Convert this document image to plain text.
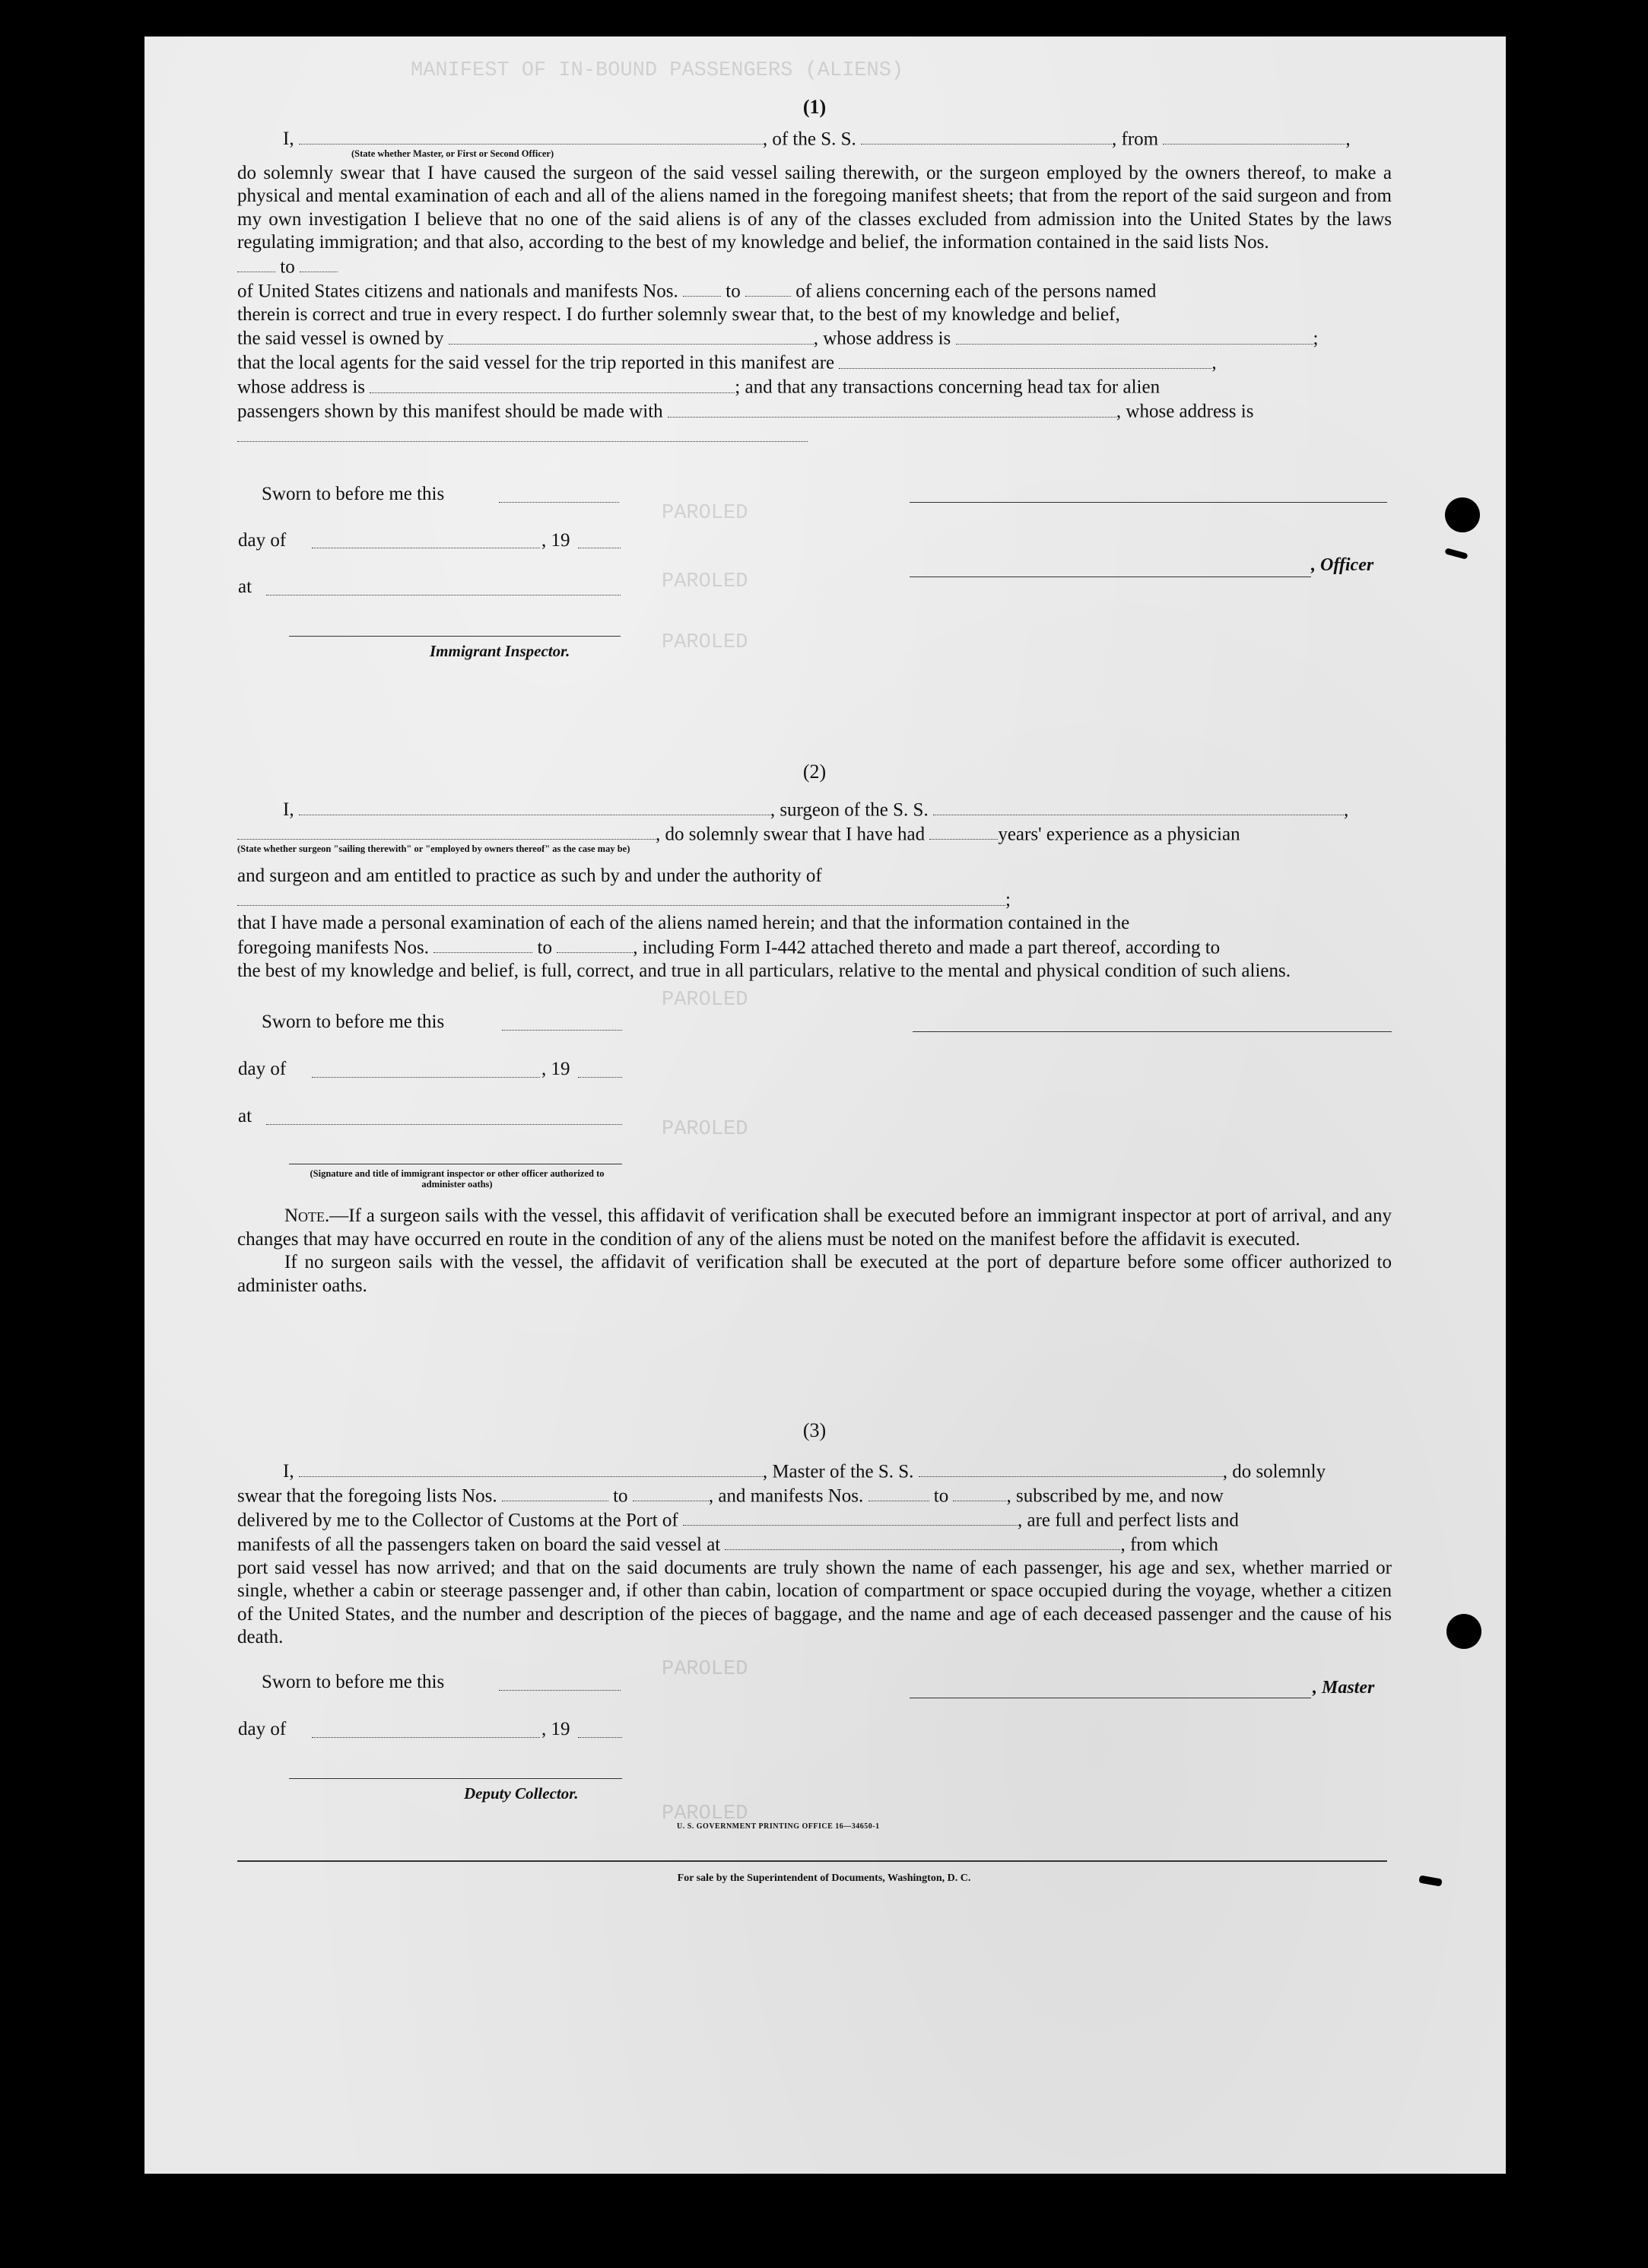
MANIFEST OF IN-BOUND PASSENGERS (ALIENS)
PAROLED
PAROLED
PAROLED
PAROLED
PAROLED
PAROLED
PAROLED
(1)

I,	, of the S. S.	, from	,

(State whether Master, or First or Second Officer)

do solemnly swear that I have caused the surgeon of the said vessel sailing therewith, or the surgeon employed by the owners thereof, to make a physical and mental examination of each and all of the aliens named in the foregoing manifest sheets; that from the report of the said surgeon and from my own investigation I believe that no one of the said aliens is of any of the classes excluded from admission into the United States by the laws regulating immigration; and that also, according to the best of my knowledge and belief, the information contained in the said lists Nos.

to

of United States citizens and nationals and manifests Nos.	to	of aliens concerning each of the persons named

therein is correct and true in every respect. I do further solemnly swear that, to the best of my knowledge and belief,

the said vessel is owned by	, whose address is	;

that the local agents for the said vessel for the trip reported in this manifest are	,

whose address is	; and that any transactions concerning head tax for alien

passengers shown by this manifest should be made with	, whose address is

Sworn to before me this
day of	, 19
at
Immigrant Inspector.
, Officer
(2)

I,	, surgeon of the S. S.	,

, do solemnly swear that I have had	years' experience as a physician

(State whether surgeon "sailing therewith" or "employed by owners thereof" as the case may be)

and surgeon and am entitled to practice as such by and under the authority of ;

that I have made a personal examination of each of the aliens named herein; and that the information contained in the

foregoing manifests Nos.	to	, including Form I-442 attached thereto and made a part thereof, according to

the best of my knowledge and belief, is full, correct, and true in all particulars, relative to the mental and physical condition of such aliens.

Sworn to before me this
day of	, 19
at
(Signature and title of immigrant inspector or other officer authorized to administer oaths)

Note.—If a surgeon sails with the vessel, this affidavit of verification shall be executed before an immigrant inspector at port of arrival, and any changes that may have occurred en route in the condition of any of the aliens must be noted on the manifest before the affidavit is executed.

If no surgeon sails with the vessel, the affidavit of verification shall be executed at the port of departure before some officer authorized to administer oaths.

(3)

I,	, Master of the S. S.	, do solemnly

swear that the foregoing lists Nos.	to	, and manifests Nos.	to	, subscribed by me, and now

delivered by me to the Collector of Customs at the Port of	, are full and perfect lists and

manifests of all the passengers taken on board the said vessel at	, from which

port said vessel has now arrived; and that on the said documents are truly shown the name of each passenger, his age and sex, whether married or single, whether a cabin or steerage passenger and, if other than cabin, location of compartment or space occupied during the voyage, whether a citizen of the United States, and the number and description of the pieces of baggage, and the name and age of each deceased passenger and the cause of his death.

Sworn to before me this
day of	, 19
Deputy Collector.
, Master
U. S. GOVERNMENT PRINTING OFFICE 16—34650-1
For sale by the Superintendent of Documents, Washington, D. C.
